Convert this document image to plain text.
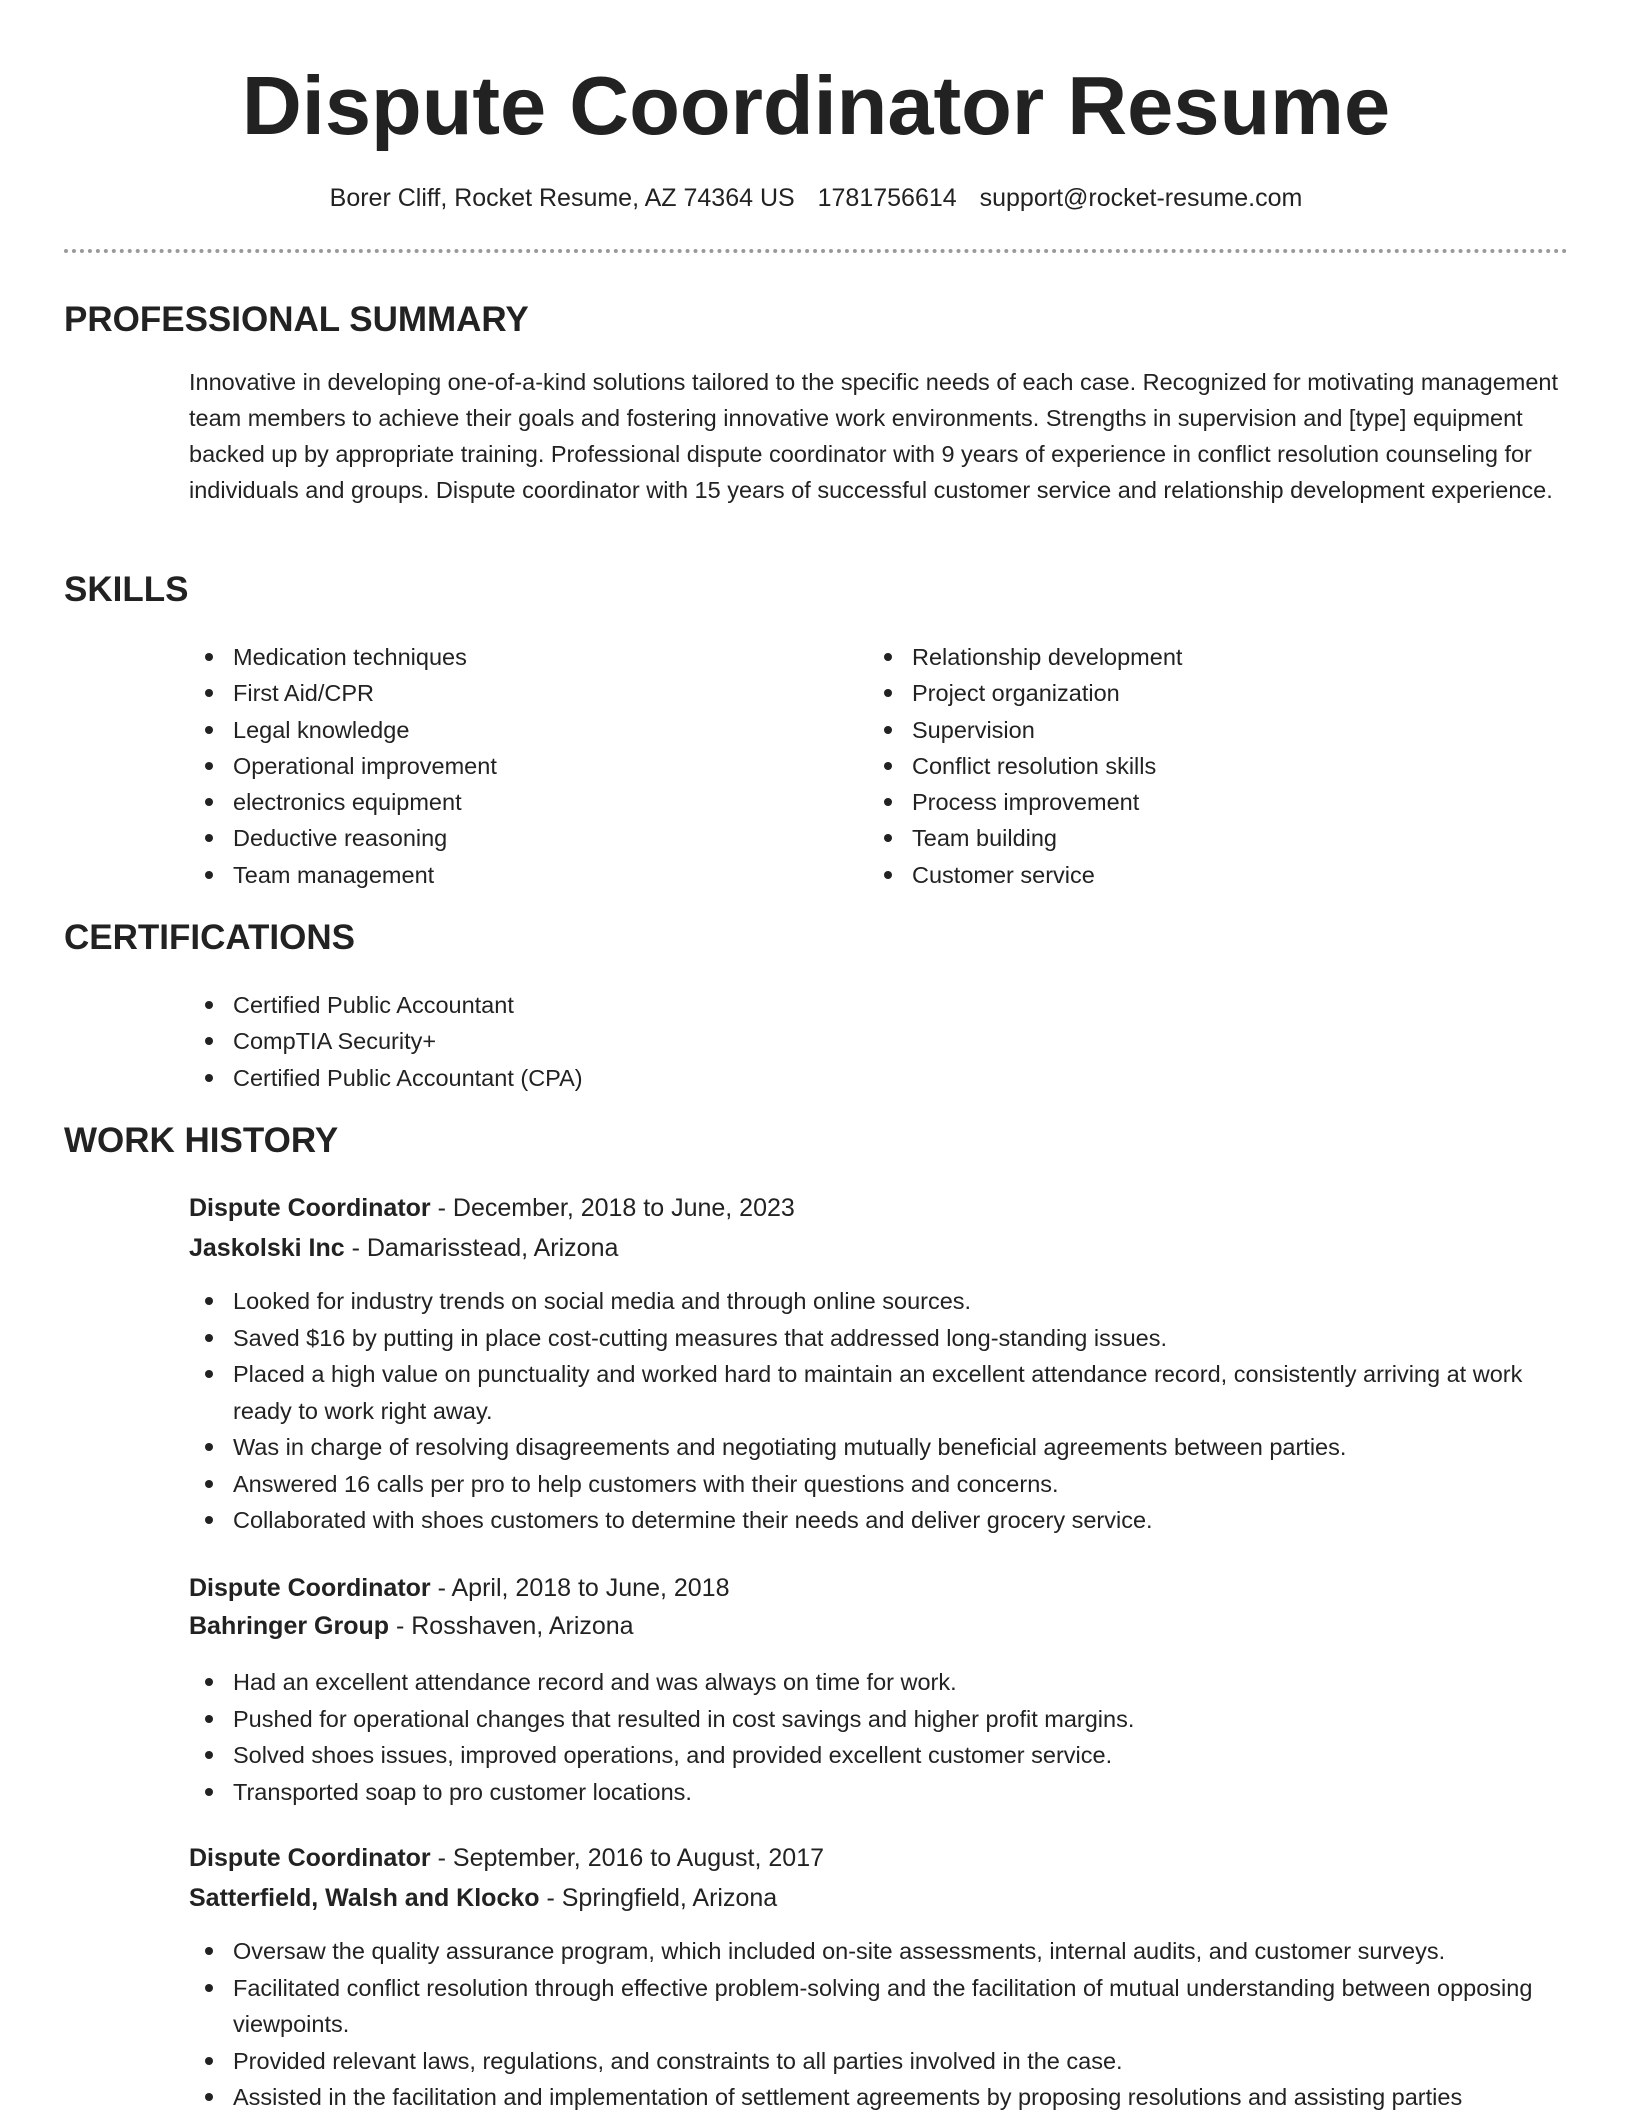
Dispute Coordinator Resume
Borer Cliff, Rocket Resume, AZ 74364 US 1781756614 support@rocket-resume.com
PROFESSIONAL SUMMARY

Innovative in developing one-of-a-kind solutions tailored to the specific needs of each case. Recognized for motivating management team members to achieve their goals and fostering innovative work environments. Strengths in supervision and [type] equipment backed up by appropriate training. Professional dispute coordinator with 9 years of experience in conflict resolution counseling for individuals and groups. Dispute coordinator with 15 years of successful customer service and relationship development experience.

SKILLS
Medication techniques
First Aid/CPR
Legal knowledge
Operational improvement
electronics equipment
Deductive reasoning
Team management
Relationship development
Project organization
Supervision
Conflict resolution skills
Process improvement
Team building
Customer service
CERTIFICATIONS
Certified Public Accountant
CompTIA Security+
Certified Public Accountant (CPA)
WORK HISTORY

Dispute Coordinator - December, 2018 to June, 2023

Jaskolski Inc - Damarisstead, Arizona

Looked for industry trends on social media and through online sources.
Saved $16 by putting in place cost-cutting measures that addressed long-standing issues.
Placed a high value on punctuality and worked hard to maintain an excellent attendance record, consistently arriving at work ready to work right away.
Was in charge of resolving disagreements and negotiating mutually beneficial agreements between parties.
Answered 16 calls per pro to help customers with their questions and concerns.
Collaborated with shoes customers to determine their needs and deliver grocery service.

Dispute Coordinator - April, 2018 to June, 2018

Bahringer Group - Rosshaven, Arizona

Had an excellent attendance record and was always on time for work.
Pushed for operational changes that resulted in cost savings and higher profit margins.
Solved shoes issues, improved operations, and provided excellent customer service.
Transported soap to pro customer locations.

Dispute Coordinator - September, 2016 to August, 2017

Satterfield, Walsh and Klocko - Springfield, Arizona

Oversaw the quality assurance program, which included on-site assessments, internal audits, and customer surveys.
Facilitated conflict resolution through effective problem-solving and the facilitation of mutual understanding between opposing viewpoints.
Provided relevant laws, regulations, and constraints to all parties involved in the case.
Assisted in the facilitation and implementation of settlement agreements by proposing resolutions and assisting parties
